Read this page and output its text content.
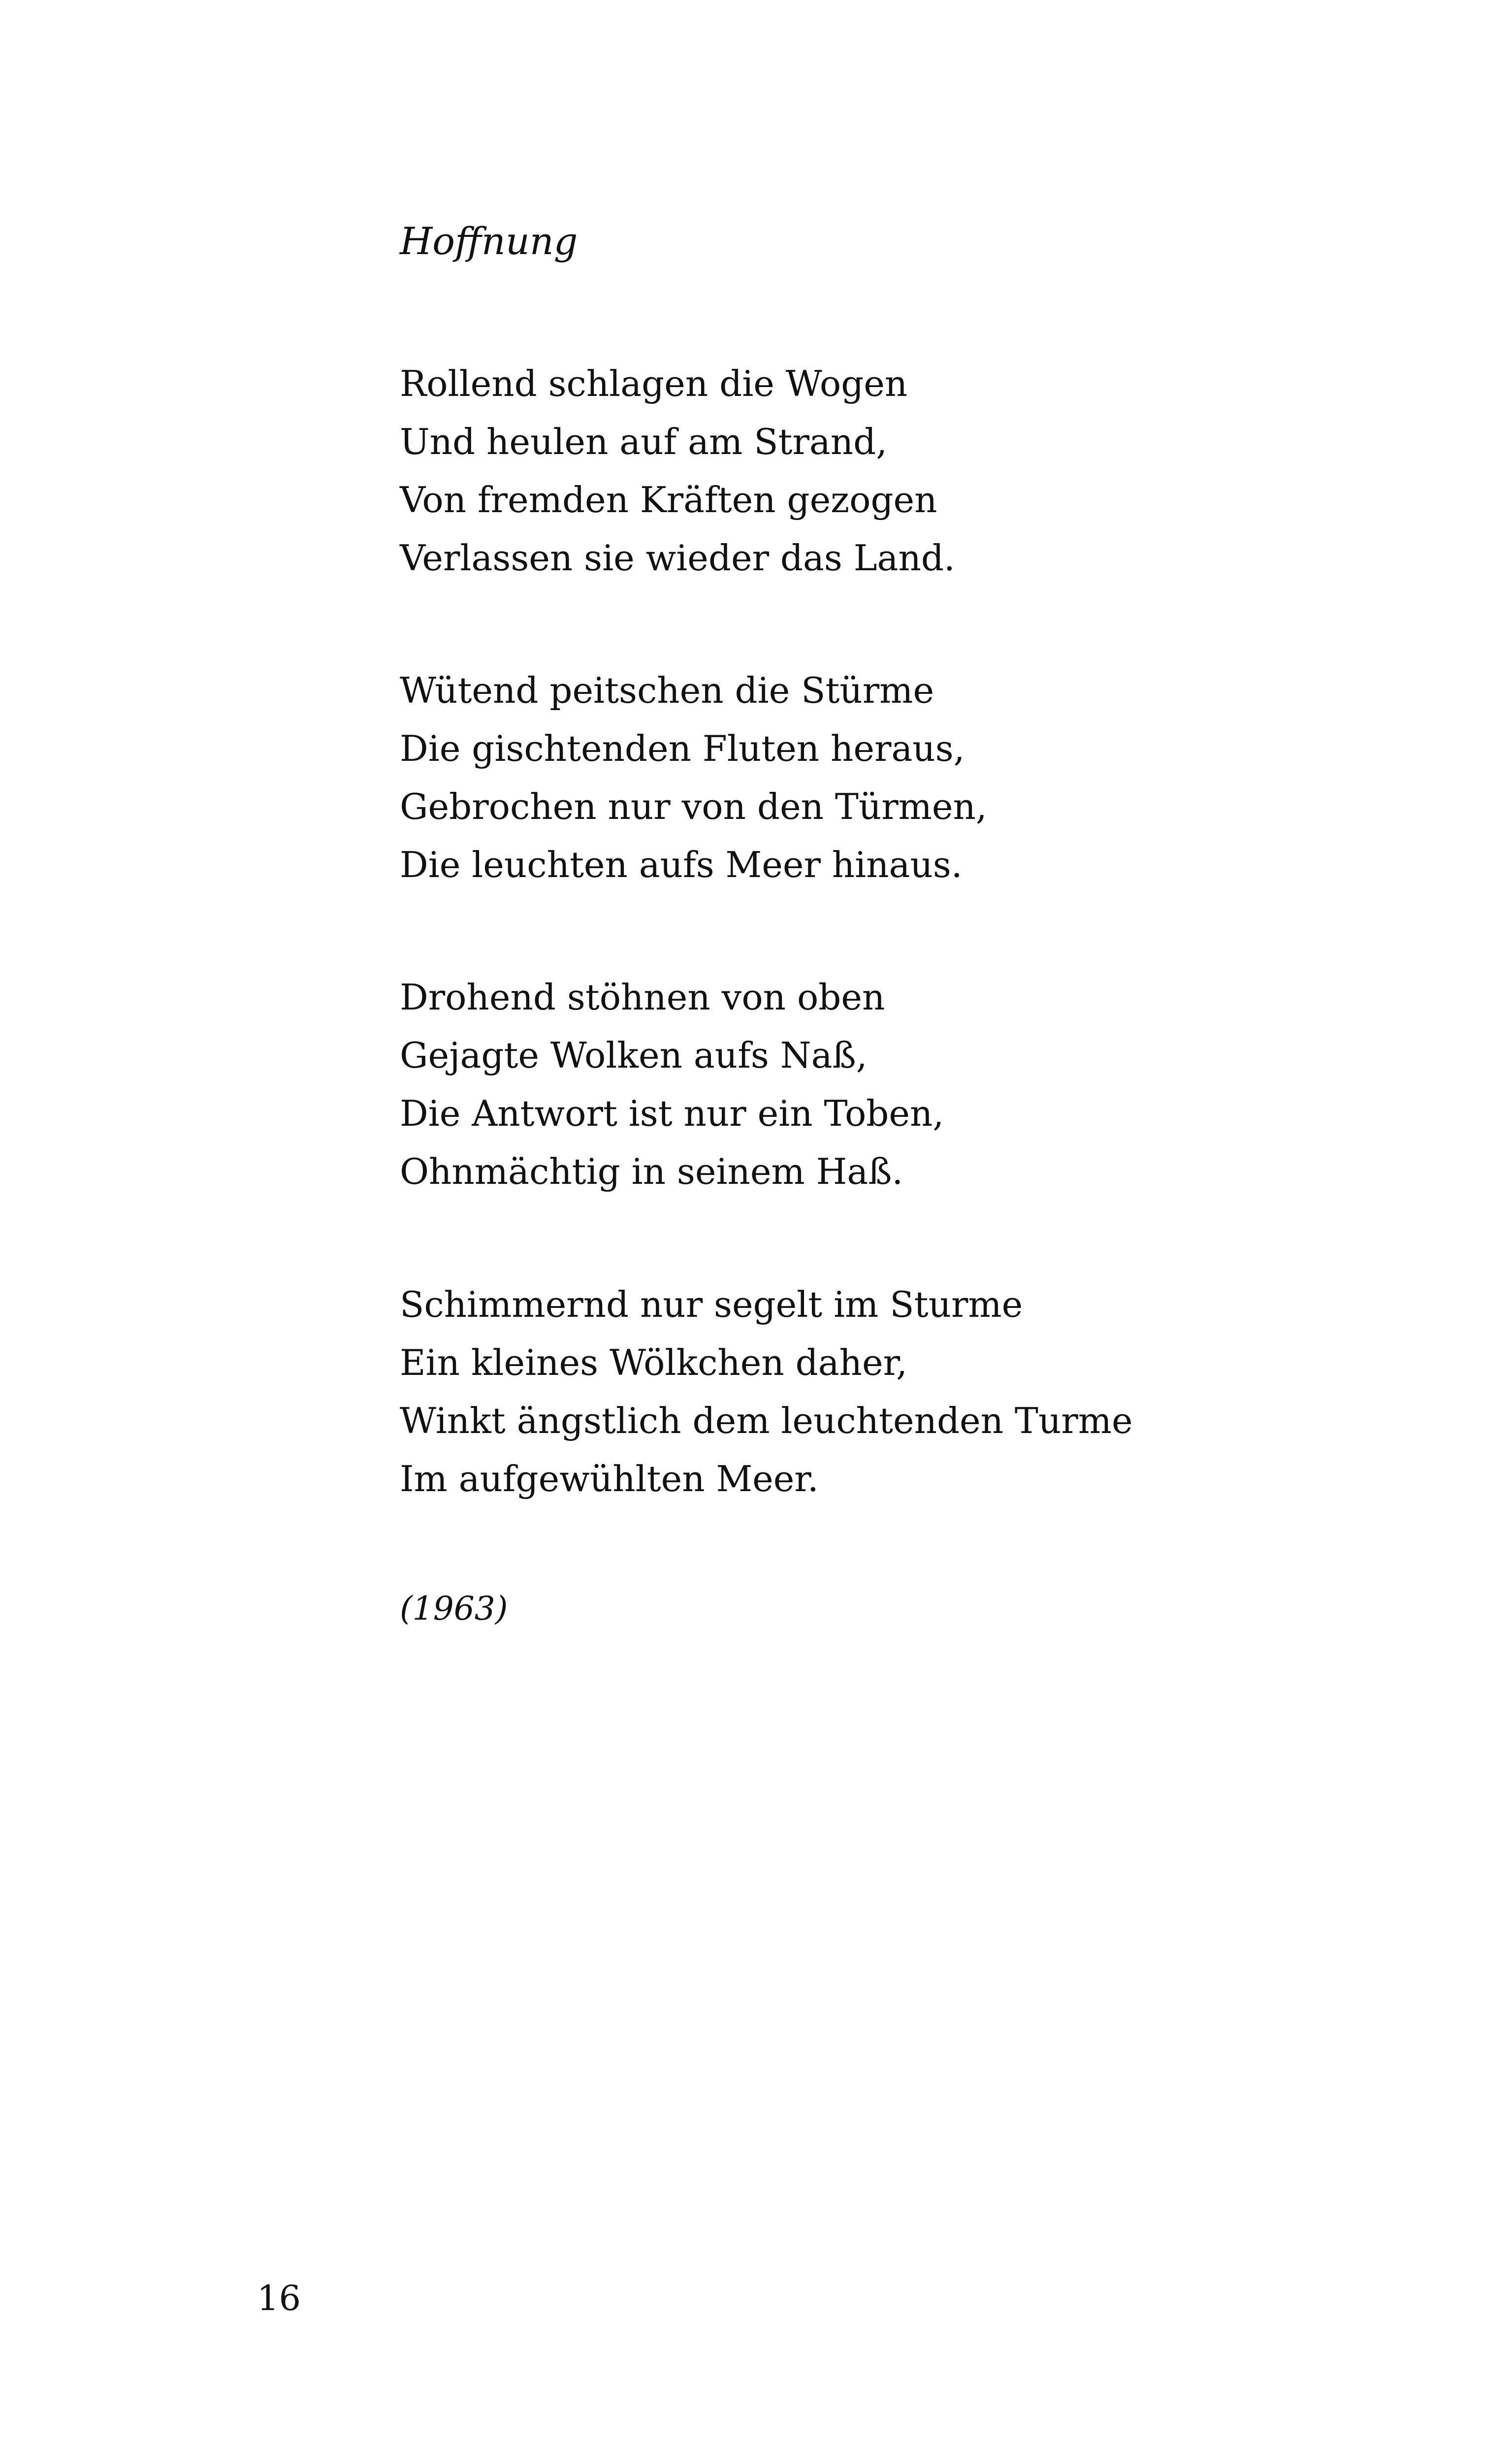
Hoffnung
Rollend schlagen die Wogen
Und heulen auf am Strand,
Von fremden Kräften gezogen
Verlassen sie wieder das Land.
Wütend peitschen die Stürme
Die gischtenden Fluten heraus,
Gebrochen nur von den Türmen,
Die leuchten aufs Meer hinaus.
Drohend stöhnen von oben
Gejagte Wolken aufs Naß,
Die Antwort ist nur ein Toben,
Ohnmächtig in seinem Haß.
Schimmernd nur segelt im Sturme
Ein kleines Wölkchen daher,
Winkt ängstlich dem leuchtenden Turme
Im aufgewühlten Meer.

(1963)

16
